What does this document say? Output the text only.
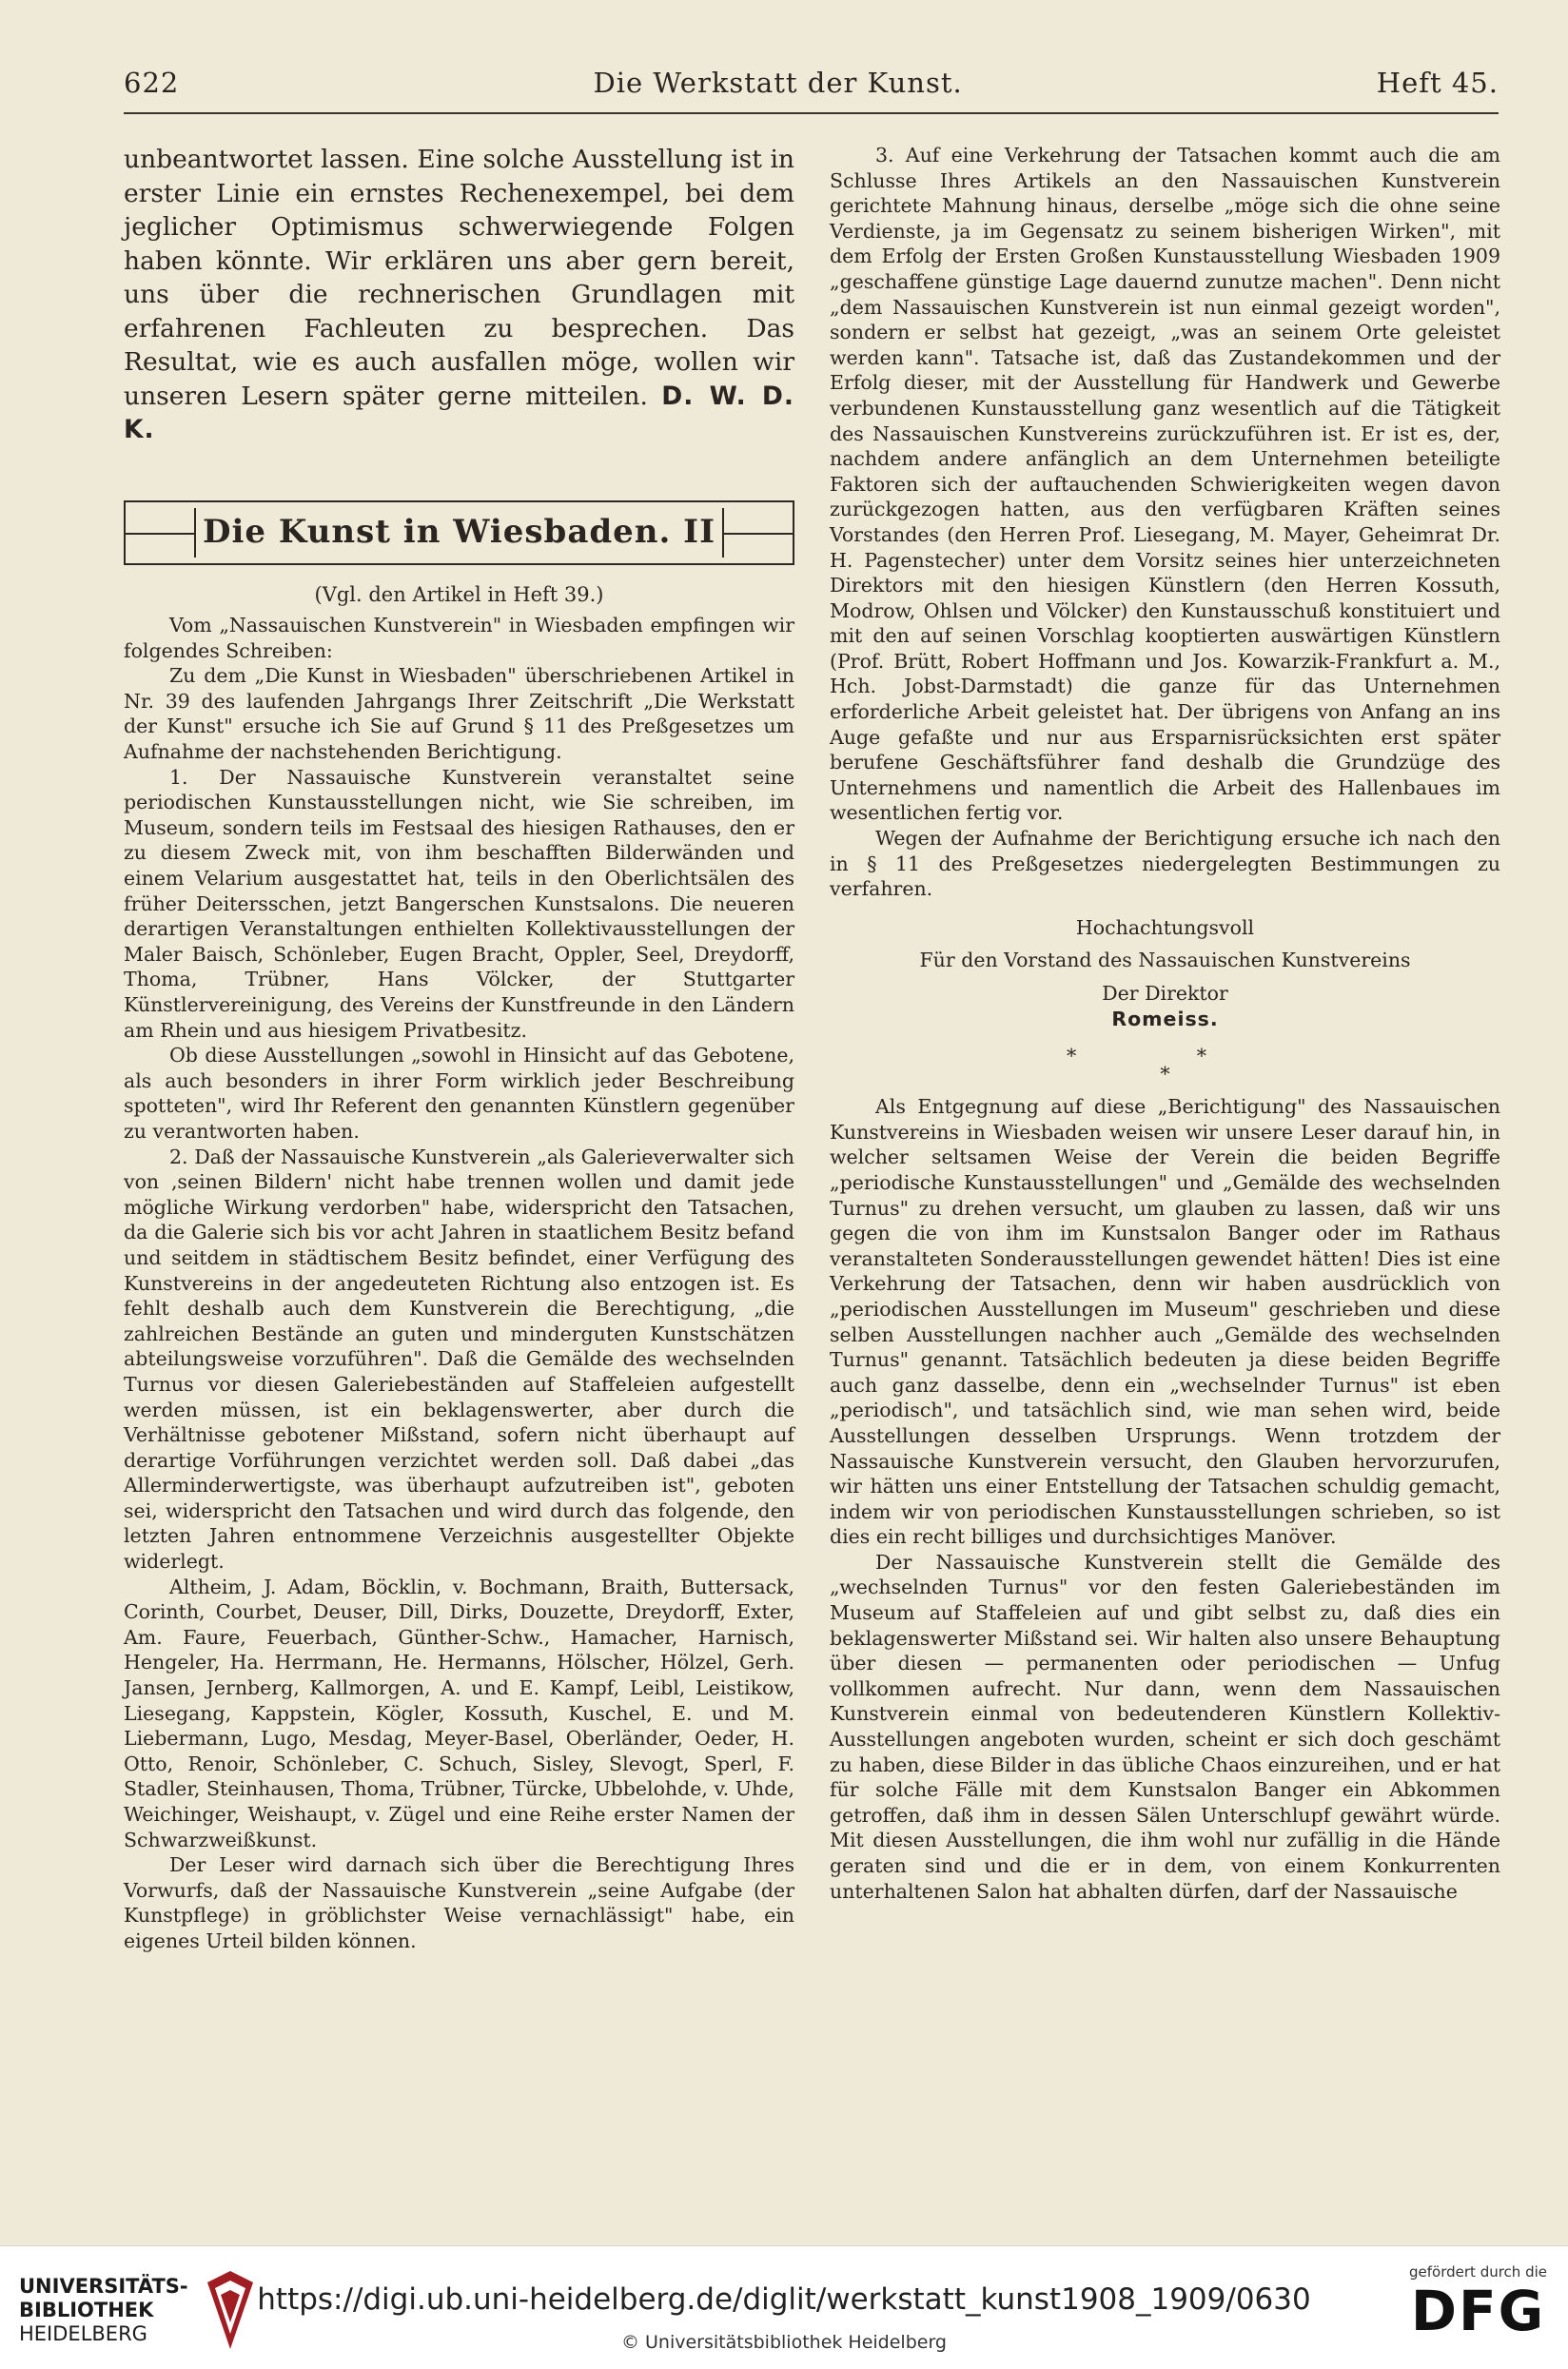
622	Die Werkstatt der Kunst.	Heft 45.

unbeantwortet lassen. Eine solche Ausstellung ist in erster Linie ein ernstes Rechenexempel, bei dem jeglicher Optimismus schwerwiegende Folgen haben könnte. Wir erklären uns aber gern bereit, uns über die rechnerischen Grundlagen mit erfahrenen Fachleuten zu besprechen. Das Resultat, wie es auch ausfallen möge, wollen wir unseren Lesern später gerne mitteilen. D. W. D. K.

Die Kunst in Wiesbaden. II

(Vgl. den Artikel in Heft 39.)

Vom „Nassauischen Kunstverein" in Wiesbaden empfingen wir folgendes Schreiben:

Zu dem „Die Kunst in Wiesbaden" überschriebenen Artikel in Nr. 39 des laufenden Jahrgangs Ihrer Zeitschrift „Die Werkstatt der Kunst" ersuche ich Sie auf Grund § 11 des Preßgesetzes um Aufnahme der nachstehenden Berichtigung.

1. Der Nassauische Kunstverein veranstaltet seine periodischen Kunstausstellungen nicht, wie Sie schreiben, im Museum, sondern teils im Festsaal des hiesigen Rathauses, den er zu diesem Zweck mit, von ihm beschafften Bilderwänden und einem Velarium ausgestattet hat, teils in den Oberlichtsälen des früher Deitersschen, jetzt Bangerschen Kunstsalons. Die neueren derartigen Veranstaltungen enthielten Kollektivausstellungen der Maler Baisch, Schönleber, Eugen Bracht, Oppler, Seel, Dreydorff, Thoma, Trübner, Hans Völcker, der Stuttgarter Künstlervereinigung, des Vereins der Kunstfreunde in den Ländern am Rhein und aus hiesigem Privatbesitz.

Ob diese Ausstellungen „sowohl in Hinsicht auf das Gebotene, als auch besonders in ihrer Form wirklich jeder Beschreibung spotteten", wird Ihr Referent den genannten Künstlern gegenüber zu verantworten haben.

2. Daß der Nassauische Kunstverein „als Galerieverwalter sich von ‚seinen Bildern' nicht habe trennen wollen und damit jede mögliche Wirkung verdorben" habe, widerspricht den Tatsachen, da die Galerie sich bis vor acht Jahren in staatlichem Besitz befand und seitdem in städtischem Besitz befindet, einer Verfügung des Kunstvereins in der angedeuteten Richtung also entzogen ist. Es fehlt deshalb auch dem Kunstverein die Berechtigung, „die zahlreichen Bestände an guten und minderguten Kunstschätzen abteilungsweise vorzuführen". Daß die Gemälde des wechselnden Turnus vor diesen Galeriebeständen auf Staffeleien aufgestellt werden müssen, ist ein beklagenswerter, aber durch die Verhältnisse gebotener Mißstand, sofern nicht überhaupt auf derartige Vorführungen verzichtet werden soll. Daß dabei „das Allerminderwertigste, was überhaupt aufzutreiben ist", geboten sei, widerspricht den Tatsachen und wird durch das folgende, den letzten Jahren entnommene Verzeichnis ausgestellter Objekte widerlegt.

Altheim, J. Adam, Böcklin, v. Bochmann, Braith, Buttersack, Corinth, Courbet, Deuser, Dill, Dirks, Douzette, Dreydorff, Exter, Am. Faure, Feuerbach, Günther-Schw., Hamacher, Harnisch, Hengeler, Ha. Herrmann, He. Hermanns, Hölscher, Hölzel, Gerh. Jansen, Jernberg, Kallmorgen, A. und E. Kampf, Leibl, Leistikow, Liesegang, Kappstein, Kögler, Kossuth, Kuschel, E. und M. Liebermann, Lugo, Mesdag, Meyer-Basel, Oberländer, Oeder, H. Otto, Renoir, Schönleber, C. Schuch, Sisley, Slevogt, Sperl, F. Stadler, Steinhausen, Thoma, Trübner, Türcke, Ubbelohde, v. Uhde, Weichinger, Weishaupt, v. Zügel und eine Reihe erster Namen der Schwarzweißkunst.

Der Leser wird darnach sich über die Berechtigung Ihres Vorwurfs, daß der Nassauische Kunstverein „seine Aufgabe (der Kunstpflege) in gröblichster Weise vernachlässigt" habe, ein eigenes Urteil bilden können.

3. Auf eine Verkehrung der Tatsachen kommt auch die am Schlusse Ihres Artikels an den Nassauischen Kunstverein gerichtete Mahnung hinaus, derselbe „möge sich die ohne seine Verdienste, ja im Gegensatz zu seinem bisherigen Wirken", mit dem Erfolg der Ersten Großen Kunstausstellung Wiesbaden 1909 „geschaffene günstige Lage dauernd zunutze machen". Denn nicht „dem Nassauischen Kunstverein ist nun einmal gezeigt worden", sondern er selbst hat gezeigt, „was an seinem Orte geleistet werden kann". Tatsache ist, daß das Zustandekommen und der Erfolg dieser, mit der Ausstellung für Handwerk und Gewerbe verbundenen Kunstausstellung ganz wesentlich auf die Tätigkeit des Nassauischen Kunstvereins zurückzuführen ist. Er ist es, der, nachdem andere anfänglich an dem Unternehmen beteiligte Faktoren sich der auftauchenden Schwierigkeiten wegen davon zurückgezogen hatten, aus den verfügbaren Kräften seines Vorstandes (den Herren Prof. Liesegang, M. Mayer, Geheimrat Dr. H. Pagenstecher) unter dem Vorsitz seines hier unterzeichneten Direktors mit den hiesigen Künstlern (den Herren Kossuth, Modrow, Ohlsen und Völcker) den Kunstausschuß konstituiert und mit den auf seinen Vorschlag kooptierten auswärtigen Künstlern (Prof. Brütt, Robert Hoffmann und Jos. Kowarzik-Frankfurt a. M., Hch. Jobst-Darmstadt) die ganze für das Unternehmen erforderliche Arbeit geleistet hat. Der übrigens von Anfang an ins Auge gefaßte und nur aus Ersparnisrücksichten erst später berufene Geschäftsführer fand deshalb die Grundzüge des Unternehmens und namentlich die Arbeit des Hallenbaues im wesentlichen fertig vor.

Wegen der Aufnahme der Berichtigung ersuche ich nach den in § 11 des Preßgesetzes niedergelegten Bestimmungen zu verfahren.

Hochachtungsvoll

Für den Vorstand des Nassauischen Kunstvereins

Der Direktor

Romeiss.

* *

*

Als Entgegnung auf diese „Berichtigung" des Nassauischen Kunstvereins in Wiesbaden weisen wir unsere Leser darauf hin, in welcher seltsamen Weise der Verein die beiden Begriffe „periodische Kunstausstellungen" und „Gemälde des wechselnden Turnus" zu drehen versucht, um glauben zu lassen, daß wir uns gegen die von ihm im Kunstsalon Banger oder im Rathaus veranstalteten Sonderausstellungen gewendet hätten! Dies ist eine Verkehrung der Tatsachen, denn wir haben ausdrücklich von „periodischen Ausstellungen im Museum" geschrieben und diese selben Ausstellungen nachher auch „Gemälde des wechselnden Turnus" genannt. Tatsächlich bedeuten ja diese beiden Begriffe auch ganz dasselbe, denn ein „wechselnder Turnus" ist eben „periodisch", und tatsächlich sind, wie man sehen wird, beide Ausstellungen desselben Ursprungs. Wenn trotzdem der Nassauische Kunstverein versucht, den Glauben hervorzurufen, wir hätten uns einer Entstellung der Tatsachen schuldig gemacht, indem wir von periodischen Kunstausstellungen schrieben, so ist dies ein recht billiges und durchsichtiges Manöver.

Der Nassauische Kunstverein stellt die Gemälde des „wechselnden Turnus" vor den festen Galeriebeständen im Museum auf Staffeleien auf und gibt selbst zu, daß dies ein beklagenswerter Mißstand sei. Wir halten also unsere Behauptung über diesen — permanenten oder periodischen — Unfug vollkommen aufrecht. Nur dann, wenn dem Nassauischen Kunstverein einmal von bedeutenderen Künstlern Kollektiv-Ausstellungen angeboten wurden, scheint er sich doch geschämt zu haben, diese Bilder in das übliche Chaos einzureihen, und er hat für solche Fälle mit dem Kunstsalon Banger ein Abkommen getroffen, daß ihm in dessen Sälen Unterschlupf gewährt würde. Mit diesen Ausstellungen, die ihm wohl nur zufällig in die Hände geraten sind und die er in dem, von einem Konkurrenten unterhaltenen Salon hat abhalten dürfen, darf der Nassauische

UNIVERSITÄTS-
BIBLIOTHEK
HEIDELBERG
https://digi.ub.uni-heidelberg.de/diglit/werkstatt_kunst1908_1909/0630
© Universitätsbibliothek Heidelberg
gefördert durch die
DFG
